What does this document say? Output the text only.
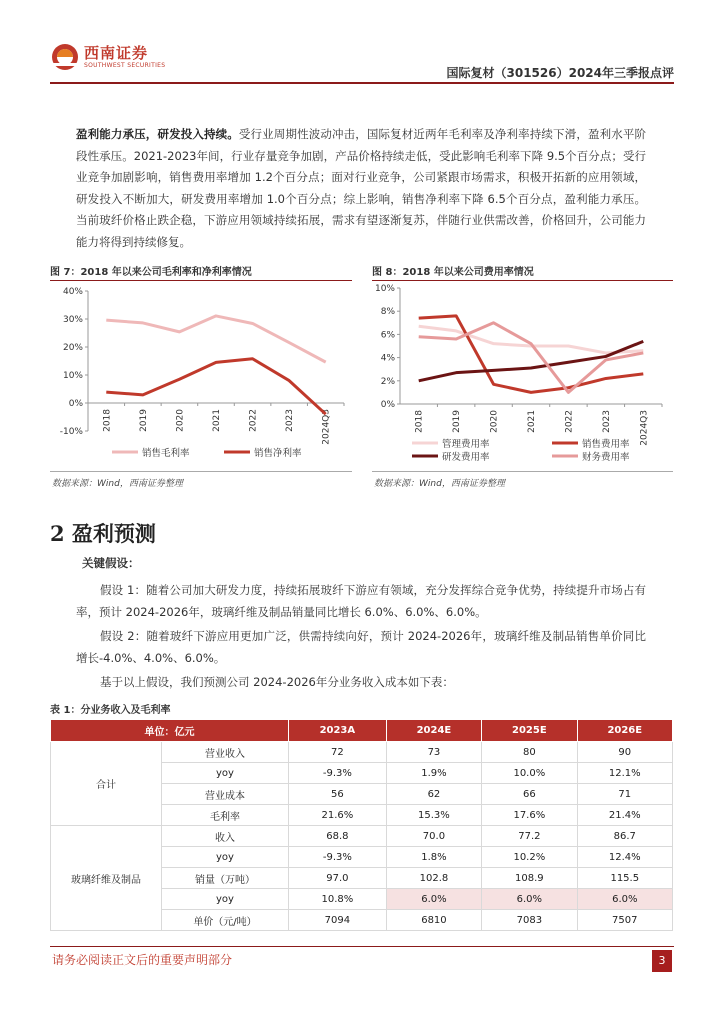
西南证券
SOUTHWEST SECURITIES
国际复材（301526）2024年三季报点评
盈利能力承压，研发投入持续。受行业周期性波动冲击，国际复材近两年毛利率及净利率持续下滑，盈利水平阶段性承压。2021-2023年间，行业存量竞争加剧，产品价格持续走低，受此影响毛利率下降 9.5个百分点；受行业竞争加剧影响，销售费用率增加 1.2个百分点；面对行业竞争，公司紧跟市场需求，积极开拓新的应用领域，研发投入不断加大，研发费用率增加 1.0个百分点；综上影响，销售净利率下降 6.5个百分点，盈利能力承压。当前玻纤价格止跌企稳，下游应用领域持续拓展，需求有望逐渐复苏，伴随行业供需改善，价格回升，公司能力能力将得到持续修复。
图 7：2018 年以来公司毛利率和净利率情况
40%
30%
20%
10%
0%
-10%
2018	2019	2020	2021	2022	2023	2024Q3
销售毛利率	销售净利率
数据来源：Wind，西南证券整理
图 8：2018 年以来公司费用率情况
10%
8%
6%
4%
2%
0%
2018	2019	2020	2021	2022	2023	2024Q3
管理费用率	销售费用率
研发费用率	财务费用率
数据来源：Wind，西南证券整理
2 盈利预测
关键假设：
假设 1：随着公司加大研发力度，持续拓展玻纤下游应有领域，充分发挥综合竞争优势，持续提升市场占有率，预计 2024-2026年，玻璃纤维及制品销量同比增长 6.0%、6.0%、6.0%。
假设 2：随着玻纤下游应用更加广泛，供需持续向好，预计 2024-2026年，玻璃纤维及制品销售单价同比增长-4.0%、4.0%、6.0%。
基于以上假设，我们预测公司 2024-2026年分业务收入成本如下表：
表 1：分业务收入及毛利率
单位：亿元		2023A	2024E	2025E	2026E
合计	营业收入	72	73	80	90
	yoy	-9.3%	1.9%	10.0%	12.1%
	营业成本	56	62	66	71
	毛利率	21.6%	15.3%	17.6%	21.4%
玻璃纤维及制品	收入	68.8	70.0	77.2	86.7
	yoy	-9.3%	1.8%	10.2%	12.4%
	销量（万吨）	97.0	102.8	108.9	115.5
	yoy	10.8%	6.0%	6.0%	6.0%
	单价（元/吨）	7094	6810	7083	7507
请务必阅读正文后的重要声明部分	3
